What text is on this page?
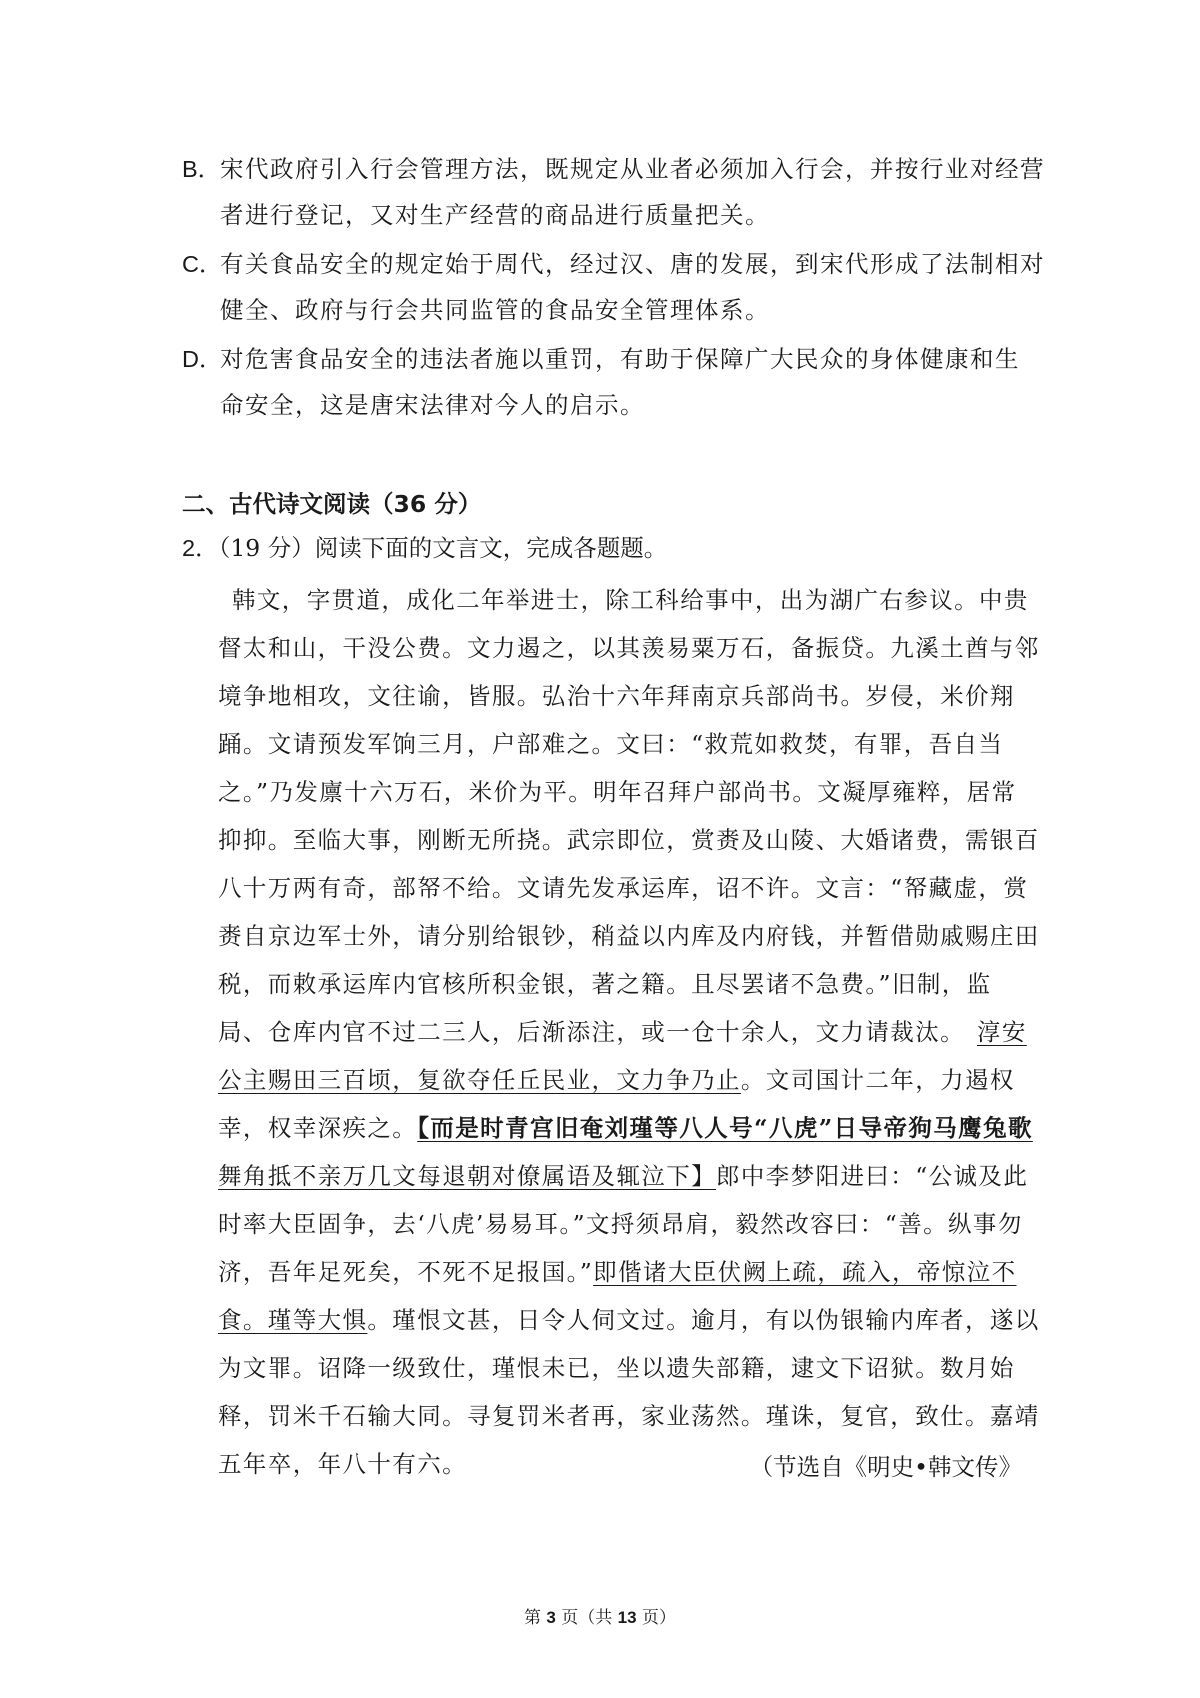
B．
宋代政府引入行会管理方法，既规定从业者必须加入行会，并按行业对经营
者进行登记，又对生产经营的商品进行质量把关。
C．
有关食品安全的规定始于周代，经过汉、唐的发展，到宋代形成了法制相对
健全、政府与行会共同监管的食品安全管理体系。
D．
对危害食品安全的违法者施以重罚，有助于保障广大民众的身体健康和生
命安全，这是唐宋法律对今人的启示。
二、古代诗文阅读（36 分）
2．（19 分）阅读下面的文言文，完成各题题。
韩文，字贯道，成化二年举进士，除工科给事中，出为湖广右参议。中贵
督太和山，干没公费。文力遏之，以其羡易粟万石，备振贷。九溪土酋与邻
境争地相攻，文往谕，皆服。弘治十六年拜南京兵部尚书。岁侵，米价翔
踊。文请预发军饷三月，户部难之。文曰：“救荒如救焚，有罪，吾自当
之。”乃发廪十六万石，米价为平。明年召拜户部尚书。文凝厚雍粹，居常
抑抑。至临大事，刚断无所挠。武宗即位，赏赉及山陵、大婚诸费，需银百
八十万两有奇，部帑不给。文请先发承运库，诏不许。文言：“帑藏虚，赏
赉自京边军士外，请分别给银钞，稍益以内库及内府钱，并暂借勋戚赐庄田
税，而敕承运库内官核所积金银，著之籍。且尽罢诸不急费。”旧制，监
局、仓库内官不过二三人，后渐添注，或一仓十余人，文力请裁汰。 淳安
公主赐田三百顷，复欲夺任丘民业，文力争乃止。文司国计二年，力遏权
幸，权幸深疾之。【而是时青宫旧奄刘瑾等八人号“八虎”日导帝狗马鹰兔歌
舞角抵不亲万几文每退朝对僚属语及辄泣下】郎中李梦阳进曰：“公诚及此
时率大臣固争，去‘八虎’易易耳。”文捋须昂肩，毅然改容曰：“善。纵事勿
济，吾年足死矣，不死不足报国。”即偕诸大臣伏阙上疏，疏入，帝惊泣不
食。瑾等大惧。瑾恨文甚，日令人伺文过。逾月，有以伪银输内库者，遂以
为文罪。诏降一级致仕，瑾恨未已，坐以遗失部籍，逮文下诏狱。数月始
释，罚米千石输大同。寻复罚米者再，家业荡然。瑾诛，复官，致仕。嘉靖
五年卒，年八十有六。	（节选自《明史•韩文传》
第 3 页（共 13 页）
